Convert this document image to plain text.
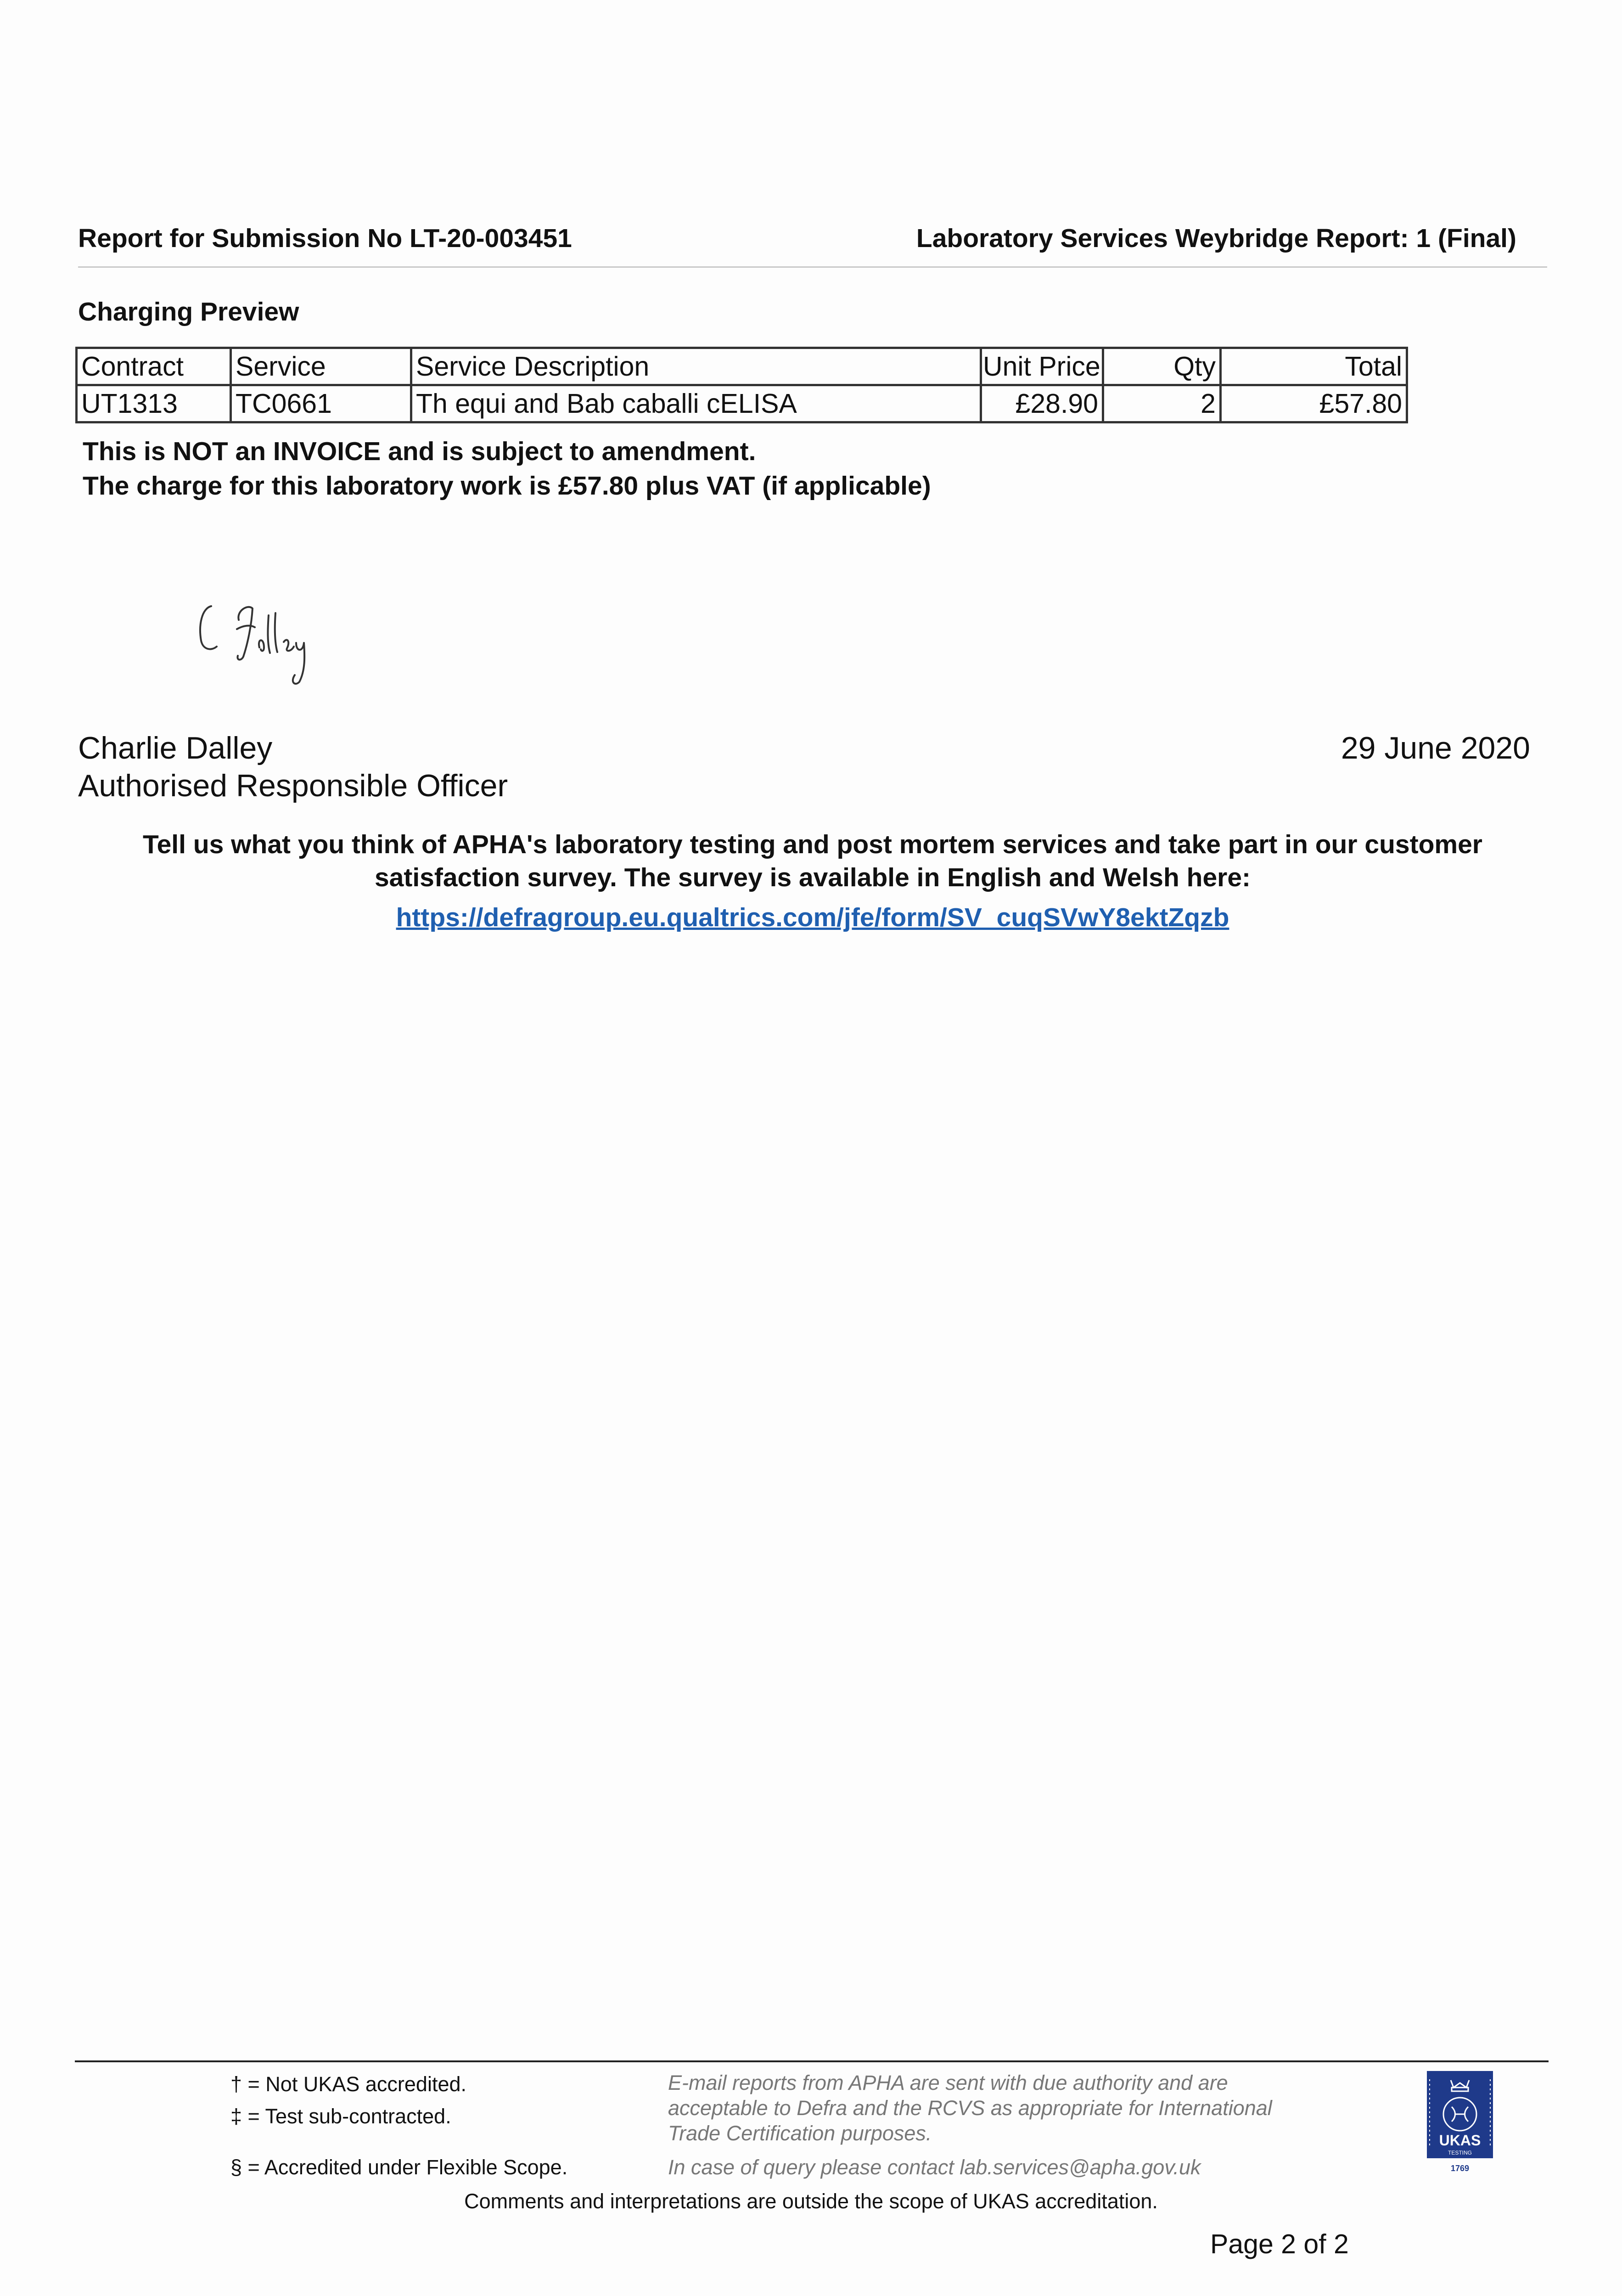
Report for Submission No LT-20-003451	Laboratory Services Weybridge Report: 1 (Final)
Charging Preview
Contract	Service	Service Description	Unit Price	Qty	Total
UT1313	TC0661	Th equi and Bab caballi cELISA	£28.90	2	£57.80
This is NOT an INVOICE and is subject to amendment.
The charge for this laboratory work is £57.80 plus VAT (if applicable)
Charlie Dalley
Authorised Responsible Officer
29 June 2020
Tell us what you think of APHA's laboratory testing and post mortem services and take part in our customer
satisfaction survey. The survey is available in English and Welsh here:
https://defragroup.eu.qualtrics.com/jfe/form/SV_cuqSVwY8ektZqzb
† = Not UKAS accredited.
‡ = Test sub-contracted.
§ = Accredited under Flexible Scope.
E-mail reports from APHA are sent with due authority and are
acceptable to Defra and the RCVS as appropriate for International
Trade Certification purposes.
In case of query please contact lab.services@apha.gov.uk
Comments and interpretations are outside the scope of UKAS accreditation.
UKAS
TESTING
1769
Page 2 of 2
